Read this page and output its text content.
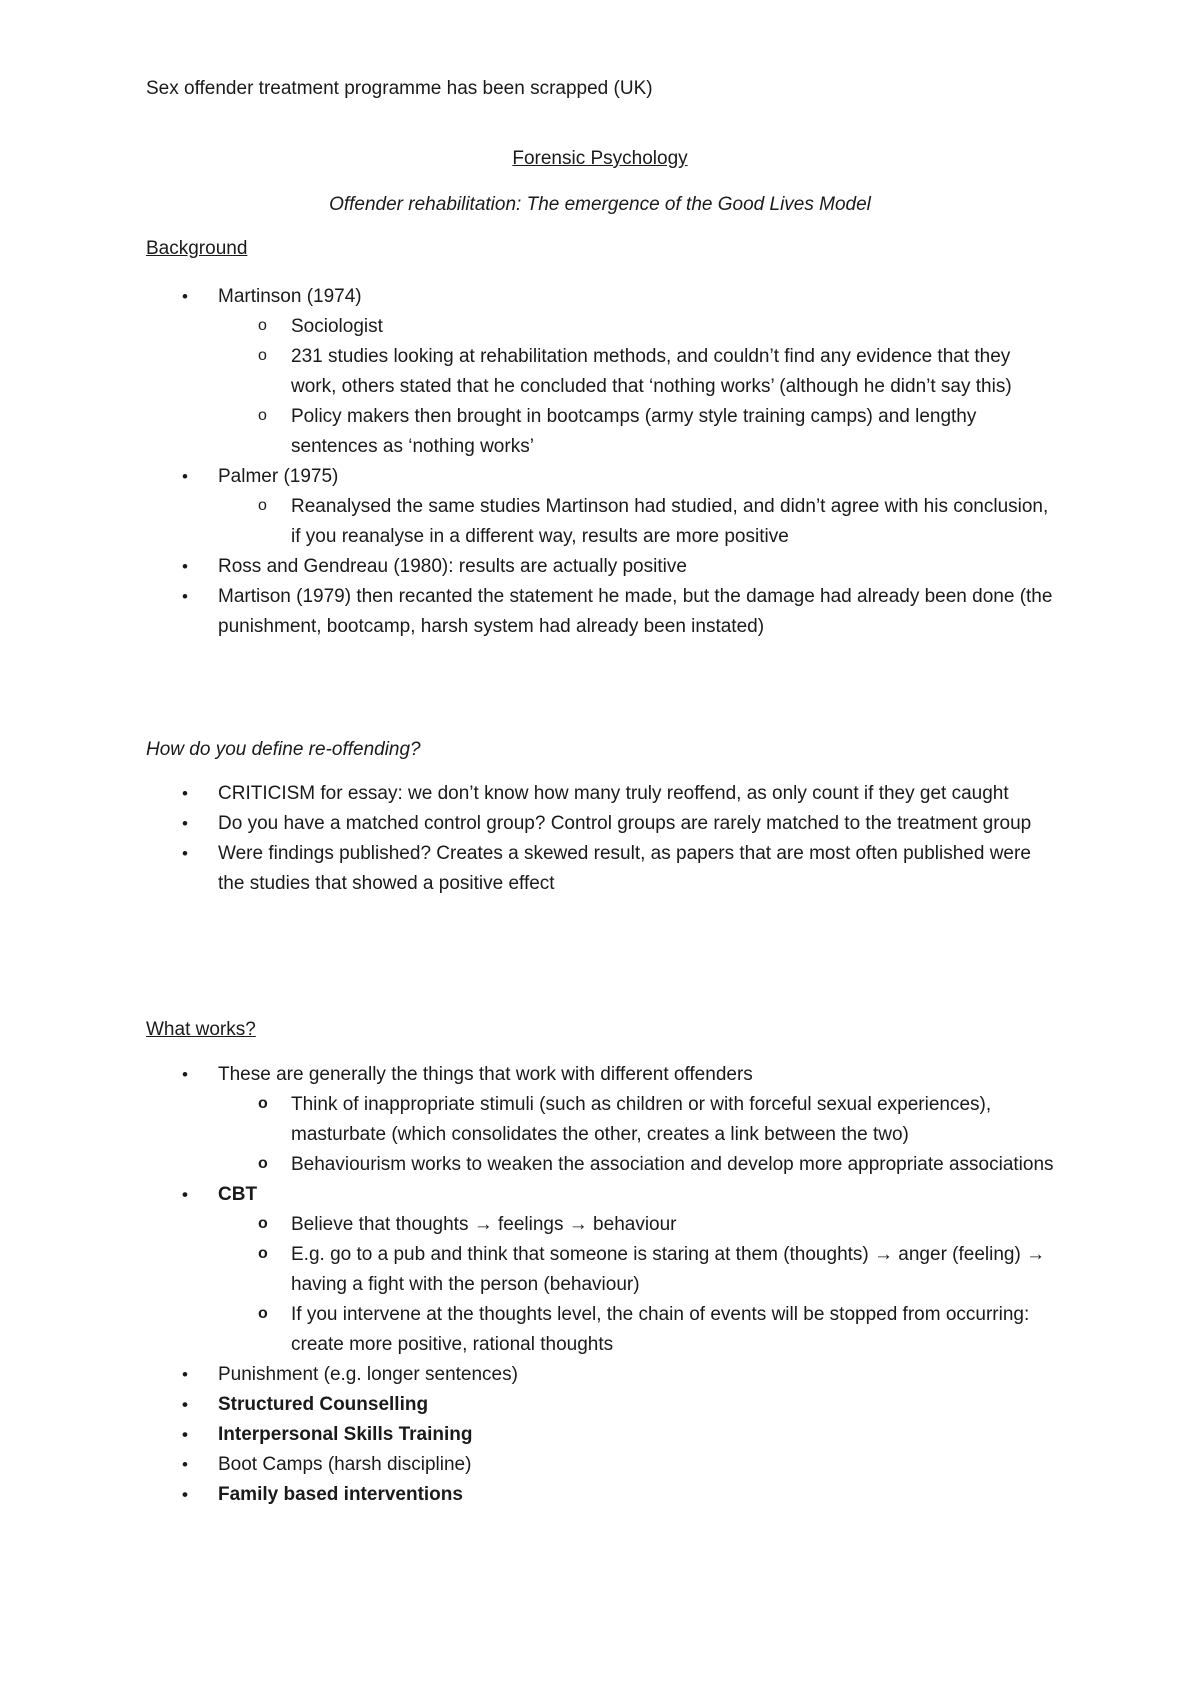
Sex offender treatment programme has been scrapped (UK)
Forensic Psychology
Offender rehabilitation: The emergence of the Good Lives Model
Background
• Martinson (1974)
o Sociologist
o 231 studies looking at rehabilitation methods, and couldn’t find any evidence that they work, others stated that he concluded that ‘nothing works’ (although he didn’t say this)
o Policy makers then brought in bootcamps (army style training camps) and lengthy sentences as ‘nothing works’
• Palmer (1975)
o Reanalysed the same studies Martinson had studied, and didn’t agree with his conclusion, if you reanalyse in a different way, results are more positive
• Ross and Gendreau (1980): results are actually positive
• Martison (1979) then recanted the statement he made, but the damage had already been done (the punishment, bootcamp, harsh system had already been instated)
How do you define re-offending?
• CRITICISM for essay: we don’t know how many truly reoffend, as only count if they get caught
• Do you have a matched control group? Control groups are rarely matched to the treatment group
• Were findings published? Creates a skewed result, as papers that are most often published were the studies that showed a positive effect
What works?
• These are generally the things that work with different offenders
o Think of inappropriate stimuli (such as children or with forceful sexual experiences), masturbate (which consolidates the other, creates a link between the two)
o Behaviourism works to weaken the association and develop more appropriate associations
• CBT
o Believe that thoughts → feelings → behaviour
o E.g. go to a pub and think that someone is staring at them (thoughts) → anger (feeling) → having a fight with the person (behaviour)
o If you intervene at the thoughts level, the chain of events will be stopped from occurring: create more positive, rational thoughts
• Punishment (e.g. longer sentences)
• Structured Counselling
• Interpersonal Skills Training
• Boot Camps (harsh discipline)
• Family based interventions
